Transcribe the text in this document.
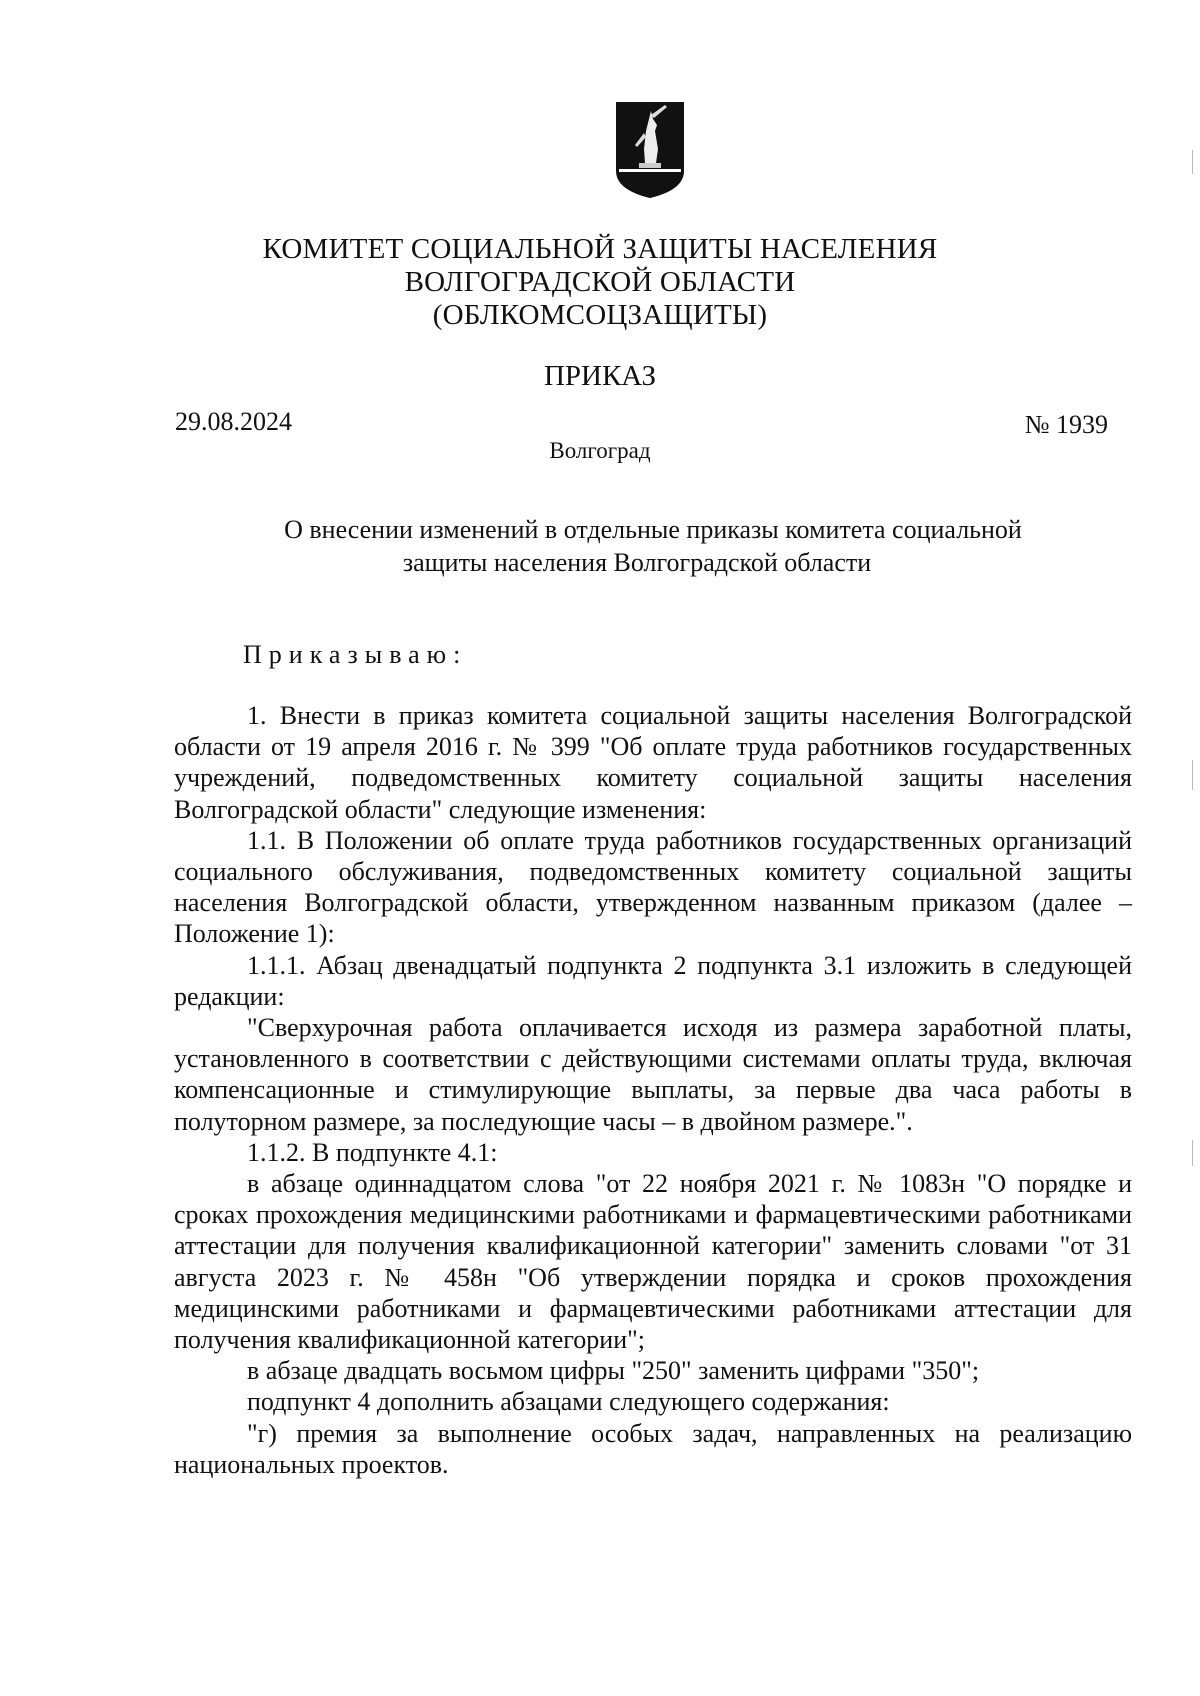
КОМИТЕТ СОЦИАЛЬНОЙ ЗАЩИТЫ НАСЕЛЕНИЯ
ВОЛГОГРАДСКОЙ ОБЛАСТИ
(ОБЛКОМСОЦЗАЩИТЫ)
ПРИКАЗ
29.08.2024	№ 1939
Волгоград
О внесении изменений в отдельные приказы комитета социальной
защиты населения Волгоградской области
Приказываю:

1. Внести в приказ комитета социальной защиты населения Волгоградской области от 19 апреля 2016 г. № 399 "Об оплате труда работников государственных учреждений, подведомственных комитету социальной защиты населения Волгоградской области" следующие изменения:

1.1. В Положении об оплате труда работников государственных организаций социального обслуживания, подведомственных комитету социальной защиты населения Волгоградской области, утвержденном названным приказом (далее – Положение 1):

1.1.1. Абзац двенадцатый подпункта 2 подпункта 3.1 изложить в следующей редакции:

"Сверхурочная работа оплачивается исходя из размера заработной платы, установленного в соответствии с действующими системами оплаты труда, включая компенсационные и стимулирующие выплаты, за первые два часа работы в полуторном размере, за последующие часы – в двойном размере.".

1.1.2. В подпункте 4.1:

в абзаце одиннадцатом слова "от 22 ноября 2021 г. № 1083н "О порядке и сроках прохождения медицинскими работниками и фармацевтическими работниками аттестации для получения квалификационной категории" заменить словами "от 31 августа 2023 г. № 458н "Об утверждении порядка и сроков прохождения медицинскими работниками и фармацевтическими работниками аттестации для получения квалификационной категории";

в абзаце двадцать восьмом цифры "250" заменить цифрами "350";

подпункт 4 дополнить абзацами следующего содержания:

"г) премия за выполнение особых задач, направленных на реализацию национальных проектов.
